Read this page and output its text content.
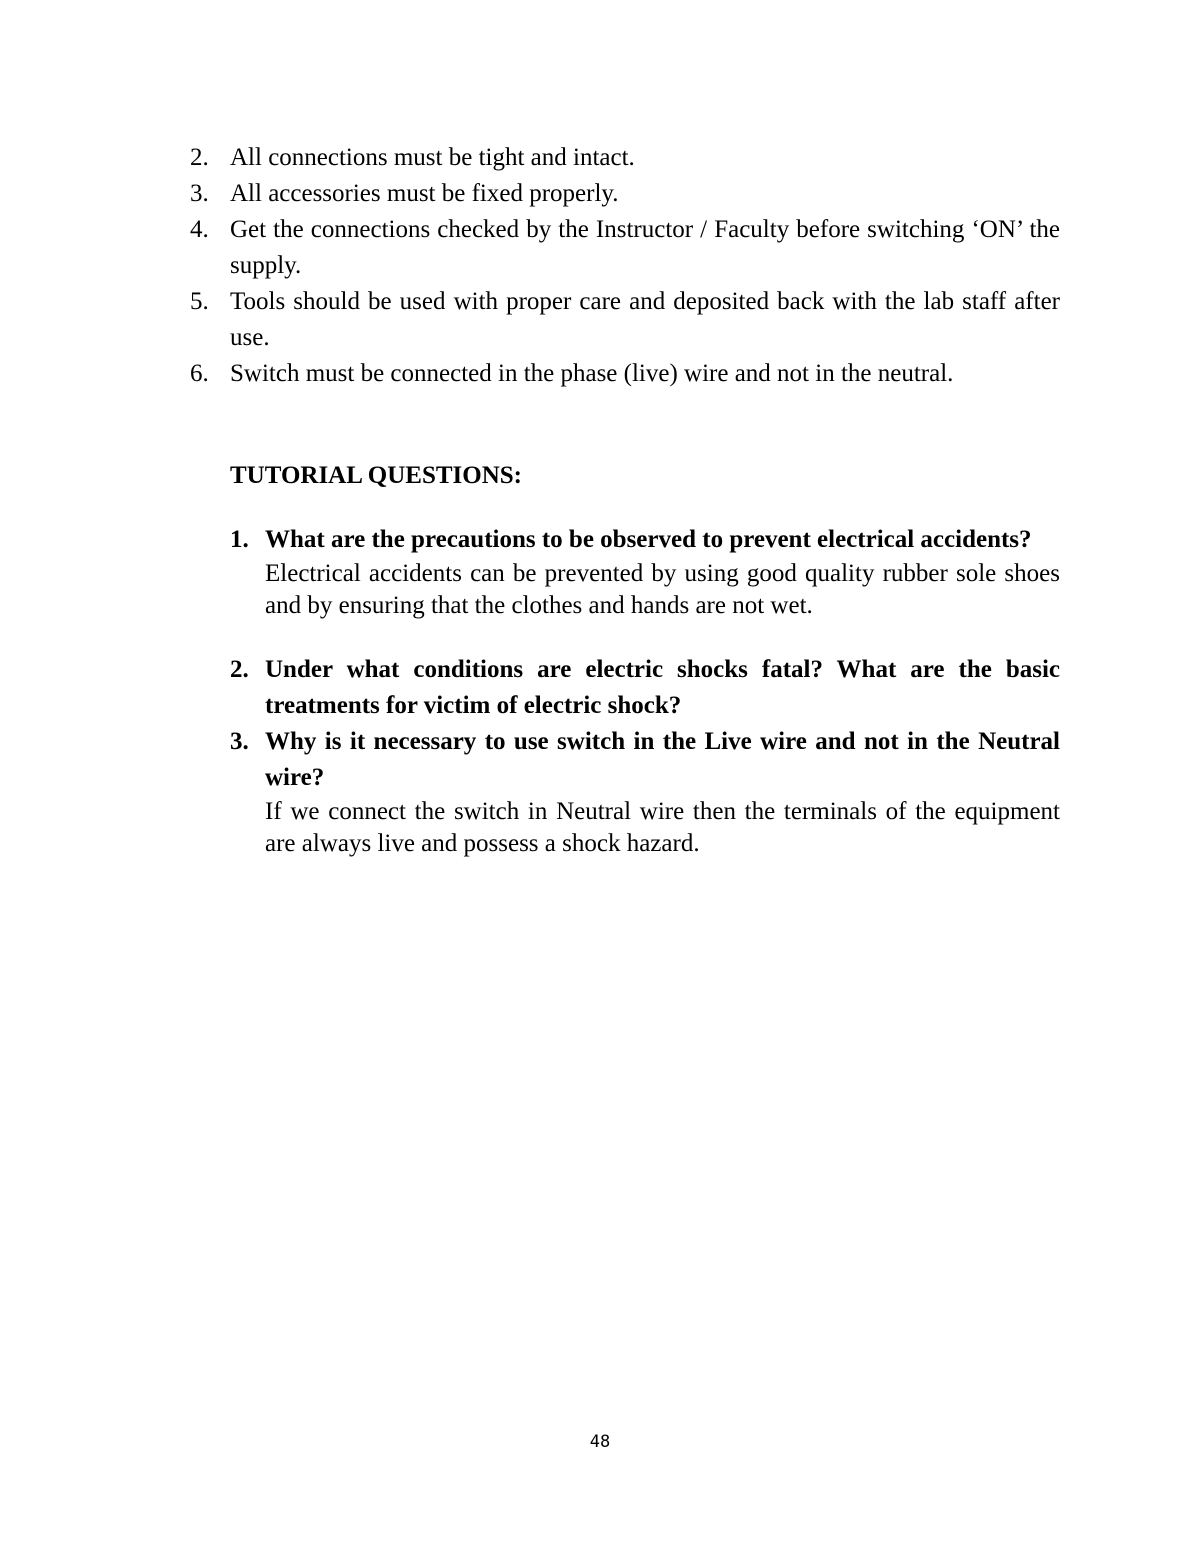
2. All connections must be tight and intact.
3. All accessories must be fixed properly.
4. Get the connections checked by the Instructor / Faculty before switching ‘ON’ the supply.
5. Tools should be used with proper care and deposited back with the lab staff after use.
6. Switch must be connected in the phase (live) wire and not in the neutral.
TUTORIAL QUESTIONS:
1. What are the precautions to be observed to prevent electrical accidents?
Electrical accidents can be prevented by using good quality rubber sole shoes and by ensuring that the clothes and hands are not wet.
2. Under what conditions are electric shocks fatal? What are the basic treatments for victim of electric shock?
3. Why is it necessary to use switch in the Live wire and not in the Neutral wire?
If we connect the switch in Neutral wire then the terminals of the equipment are always live and possess a shock hazard.
48
